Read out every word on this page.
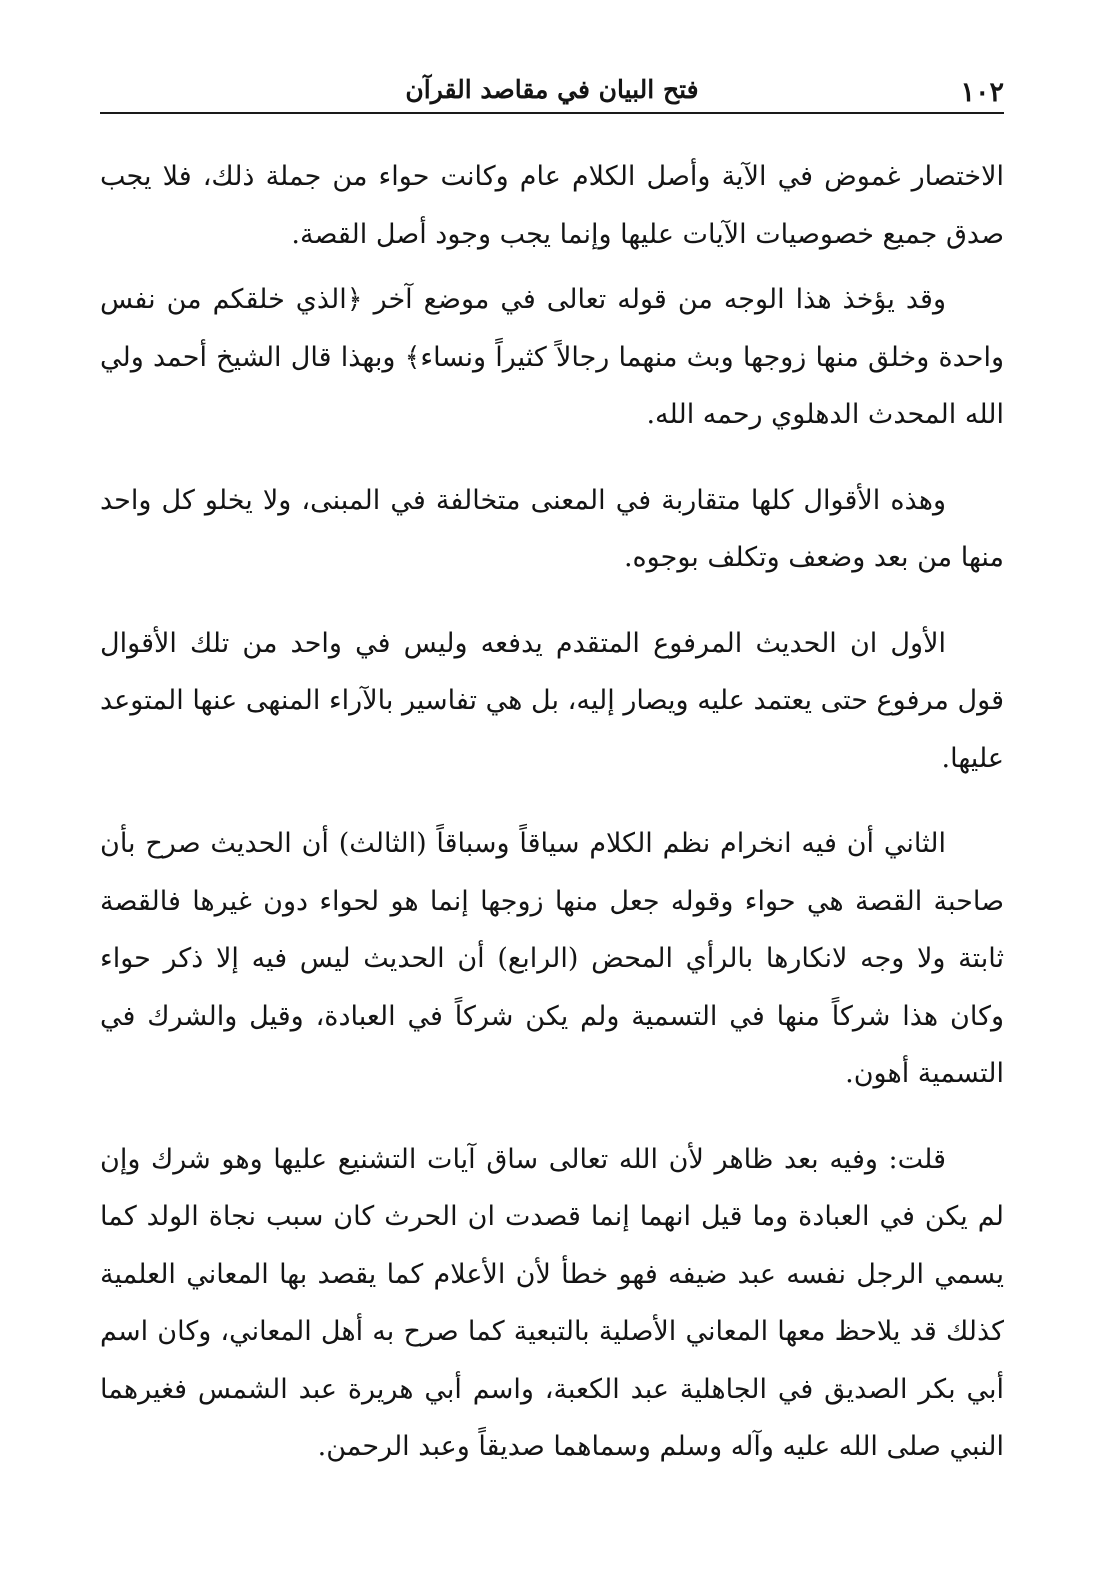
١٠٢
فتح البيان في مقاصد القرآن

الاختصار غموض في الآية وأصل الكلام عام وكانت حواء من جملة ذلك، فلا يجب صدق جميع خصوصيات الآيات عليها وإنما يجب وجود أصل القصة.

وقد يؤخذ هذا الوجه من قوله تعالى في موضع آخر ﴿الذي خلقكم من نفس واحدة وخلق منها زوجها وبث منهما رجالاً كثيراً ونساء﴾ وبهذا قال الشيخ أحمد ولي الله المحدث الدهلوي رحمه الله.

وهذه الأقوال كلها متقاربة في المعنى متخالفة في المبنى، ولا يخلو كل واحد منها من بعد وضعف وتكلف بوجوه.

الأول ان الحديث المرفوع المتقدم يدفعه وليس في واحد من تلك الأقوال قول مرفوع حتى يعتمد عليه ويصار إليه، بل هي تفاسير بالآراء المنهى عنها المتوعد عليها.

الثاني أن فيه انخرام نظم الكلام سياقاً وسباقاً (الثالث) أن الحديث صرح بأن صاحبة القصة هي حواء وقوله جعل منها زوجها إنما هو لحواء دون غيرها فالقصة ثابتة ولا وجه لانكارها بالرأي المحض (الرابع) أن الحديث ليس فيه إلا ذكر حواء وكان هذا شركاً منها في التسمية ولم يكن شركاً في العبادة، وقيل والشرك في التسمية أهون.

قلت: وفيه بعد ظاهر لأن الله تعالى ساق آيات التشنيع عليها وهو شرك وإن لم يكن في العبادة وما قيل انهما إنما قصدت ان الحرث كان سبب نجاة الولد كما يسمي الرجل نفسه عبد ضيفه فهو خطأ لأن الأعلام كما يقصد بها المعاني العلمية كذلك قد يلاحظ معها المعاني الأصلية بالتبعية كما صرح به أهل المعاني، وكان اسم أبي بكر الصديق في الجاهلية عبد الكعبة، واسم أبي هريرة عبد الشمس فغيرهما النبي صلى الله عليه وآله وسلم وسماهما صديقاً وعبد الرحمن.
